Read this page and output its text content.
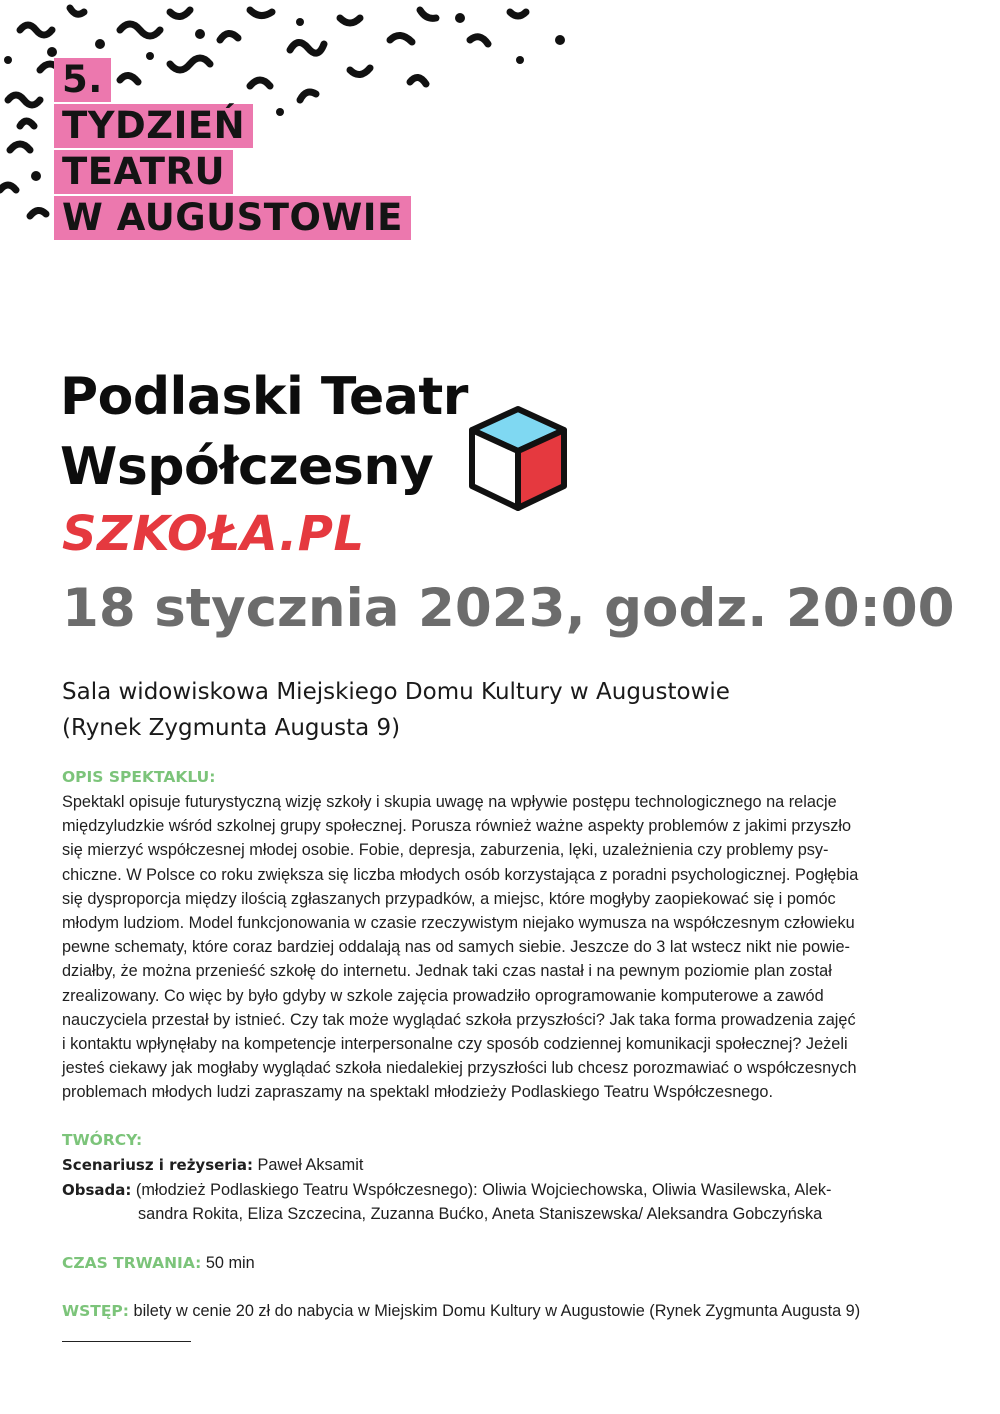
5.
TYDZIEŃ
TEATRU
W AUGUSTOWIE
Podlaski Teatr
Współczesny
SZKOŁA.PL
18 stycznia 2023, godz. 20:00
Sala widowiskowa Miejskiego Domu Kultury w Augustowie
(Rynek Zygmunta Augusta 9)
OPIS SPEKTAKLU:
Spektakl opisuje futurystyczną wizję szkoły i skupia uwagę na wpływie postępu technologicznego na relacje
międzyludzkie wśród szkolnej grupy społecznej. Porusza również ważne aspekty problemów z jakimi przyszło
się mierzyć współczesnej młodej osobie. Fobie, depresja, zaburzenia, lęki, uzależnienia czy problemy psy-
chiczne. W Polsce co roku zwiększa się liczba młodych osób korzystająca z poradni psychologicznej. Pogłębia
się dysproporcja między ilością zgłaszanych przypadków, a miejsc, które mogłyby zaopiekować się i pomóc
młodym ludziom. Model funkcjonowania w czasie rzeczywistym niejako wymusza na współczesnym człowieku
pewne schematy, które coraz bardziej oddalają nas od samych siebie. Jeszcze do 3 lat wstecz nikt nie powie-
działby, że można przenieść szkołę do internetu. Jednak taki czas nastał i na pewnym poziomie plan został
zrealizowany. Co więc by było gdyby w szkole zajęcia prowadziło oprogramowanie komputerowe a zawód
nauczyciela przestał by istnieć. Czy tak może wyglądać szkoła przyszłości? Jak taka forma prowadzenia zajęć
i kontaktu wpłynęłaby na kompetencje interpersonalne czy sposób codziennej komunikacji społecznej? Jeżeli
jesteś ciekawy jak mogłaby wyglądać szkoła niedalekiej przyszłości lub chcesz porozmawiać o współczesnych
problemach młodych ludzi zapraszamy na spektakl młodzieży Podlaskiego Teatru Współczesnego.
TWÓRCY:
Scenariusz i reżyseria: Paweł Aksamit
Obsada: (młodzież Podlaskiego Teatru Współczesnego): Oliwia Wojciechowska, Oliwia Wasilewska, Alek-
sandra Rokita, Eliza Szczecina, Zuzanna Bućko, Aneta Staniszewska/ Aleksandra Gobczyńska
CZAS TRWANIA: 50 min
WSTĘP: bilety w cenie 20 zł do nabycia w Miejskim Domu Kultury w Augustowie (Rynek Zygmunta Augusta 9)
